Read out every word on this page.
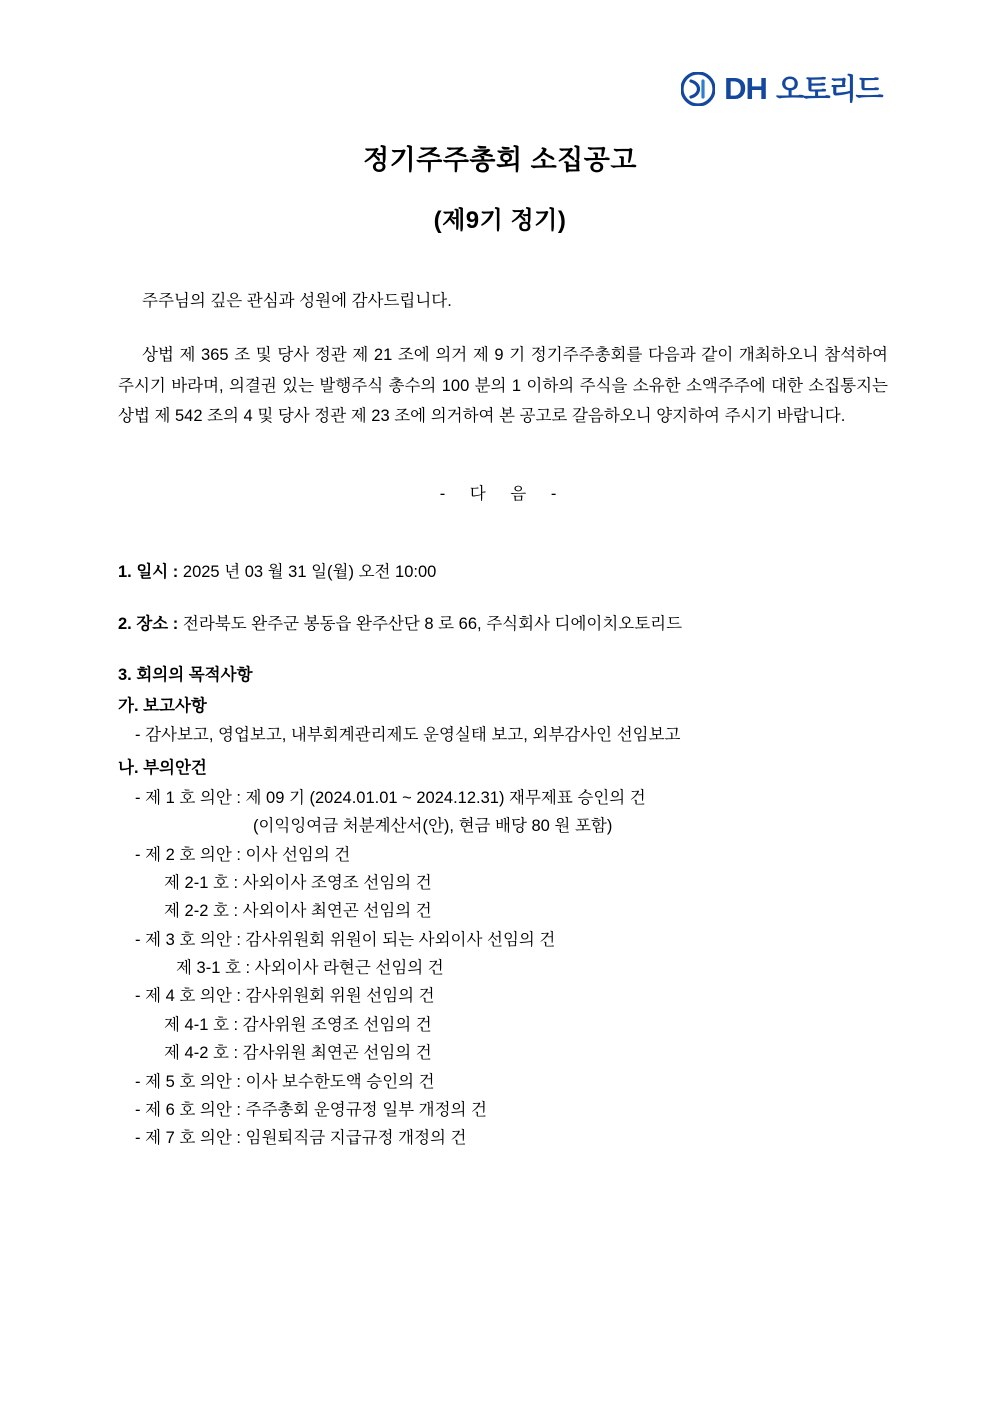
DH 오토리드
정기주주총회 소집공고
(제9기 정기)
주주님의 깊은 관심과 성원에 감사드립니다.
상법 제 365 조 및 당사 정관 제 21 조에 의거 제 9 기 정기주주총회를 다음과 같이 개최하오니 참석하여 주시기 바라며, 의결권 있는 발행주식 총수의 100 분의 1 이하의 주식을 소유한 소액주주에 대한 소집통지는 상법 제 542 조의 4 및 당사 정관 제 23 조에 의거하여 본 공고로 갈음하오니 양지하여 주시기 바랍니다.
- 다 음 -
1. 일시 : 2025 년 03 월 31 일(월) 오전 10:00
2. 장소 : 전라북도 완주군 봉동읍 완주산단 8 로 66, 주식회사 디에이치오토리드
3. 회의의 목적사항
가. 보고사항
- 감사보고, 영업보고, 내부회계관리제도 운영실태 보고, 외부감사인 선임보고
나. 부의안건
- 제 1 호 의안 : 제 09 기 (2024.01.01 ~ 2024.12.31) 재무제표 승인의 건
(이익잉여금 처분계산서(안), 현금 배당 80 원 포함)
- 제 2 호 의안 : 이사 선임의 건
제 2-1 호 : 사외이사 조영조 선임의 건
제 2-2 호 : 사외이사 최연곤 선임의 건
- 제 3 호 의안 : 감사위원회 위원이 되는 사외이사 선임의 건
제 3-1 호 : 사외이사 라현근 선임의 건
- 제 4 호 의안 : 감사위원회 위원 선임의 건
제 4-1 호 : 감사위원 조영조 선임의 건
제 4-2 호 : 감사위원 최연곤 선임의 건
- 제 5 호 의안 : 이사 보수한도액 승인의 건
- 제 6 호 의안 : 주주총회 운영규정 일부 개정의 건
- 제 7 호 의안 : 임원퇴직금 지급규정 개정의 건
